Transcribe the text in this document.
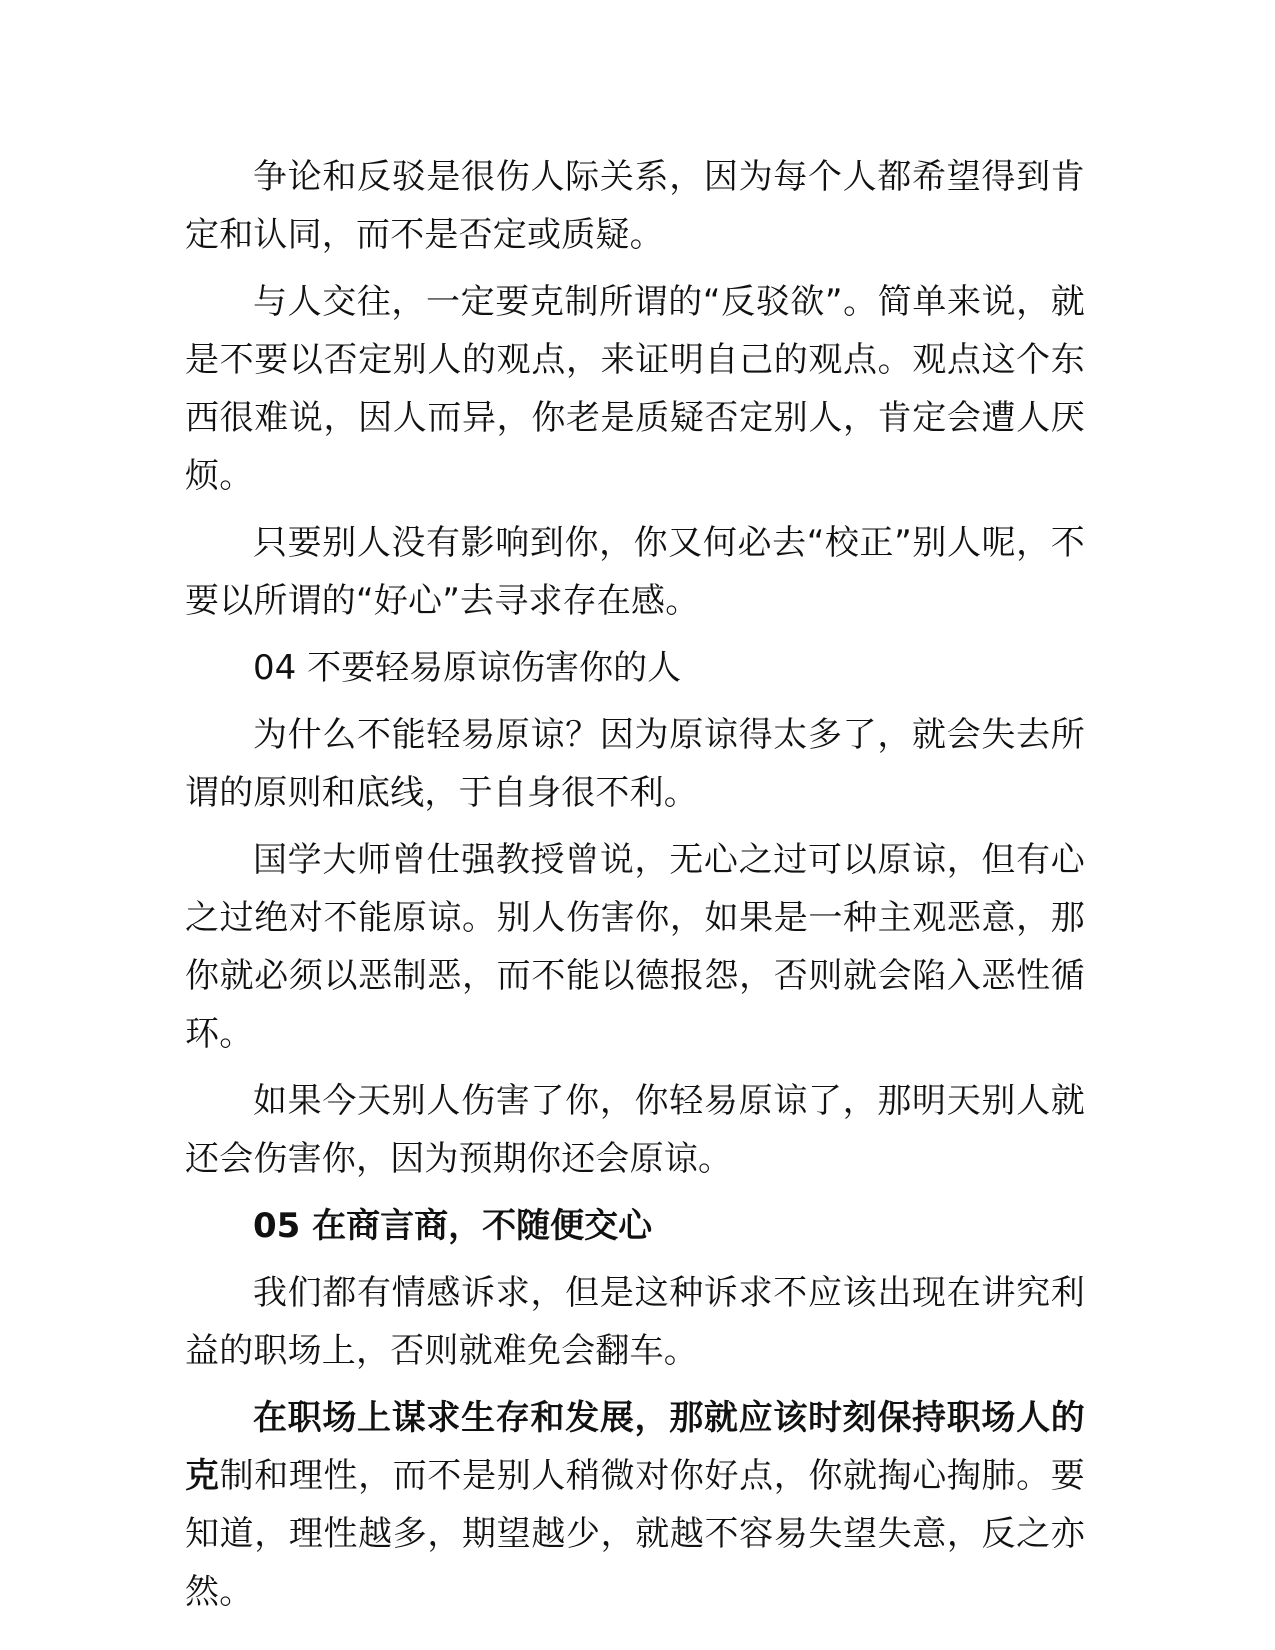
争论和反驳是很伤人际关系，因为每个人都希望得到肯定和认同，而不是否定或质疑。

与人交往，一定要克制所谓的“反驳欲”。简单来说，就是不要以否定别人的观点，来证明自己的观点。观点这个东西很难说，因人而异，你老是质疑否定别人，肯定会遭人厌烦。

只要别人没有影响到你，你又何必去“校正”别人呢，不要以所谓的“好心”去寻求存在感。

04 不要轻易原谅伤害你的人

为什么不能轻易原谅？因为原谅得太多了，就会失去所谓的原则和底线，于自身很不利。

国学大师曾仕强教授曾说，无心之过可以原谅，但有心之过绝对不能原谅。别人伤害你，如果是一种主观恶意，那你就必须以恶制恶，而不能以德报怨，否则就会陷入恶性循环。

如果今天别人伤害了你，你轻易原谅了，那明天别人就还会伤害你，因为预期你还会原谅。

05 在商言商，不随便交心

我们都有情感诉求，但是这种诉求不应该出现在讲究利益的职场上，否则就难免会翻车。

在职场上谋求生存和发展，那就应该时刻保持职场人的克制和理性，而不是别人稍微对你好点，你就掏心掏肺。要知道，理性越多，期望越少，就越不容易失望失意，反之亦然。
